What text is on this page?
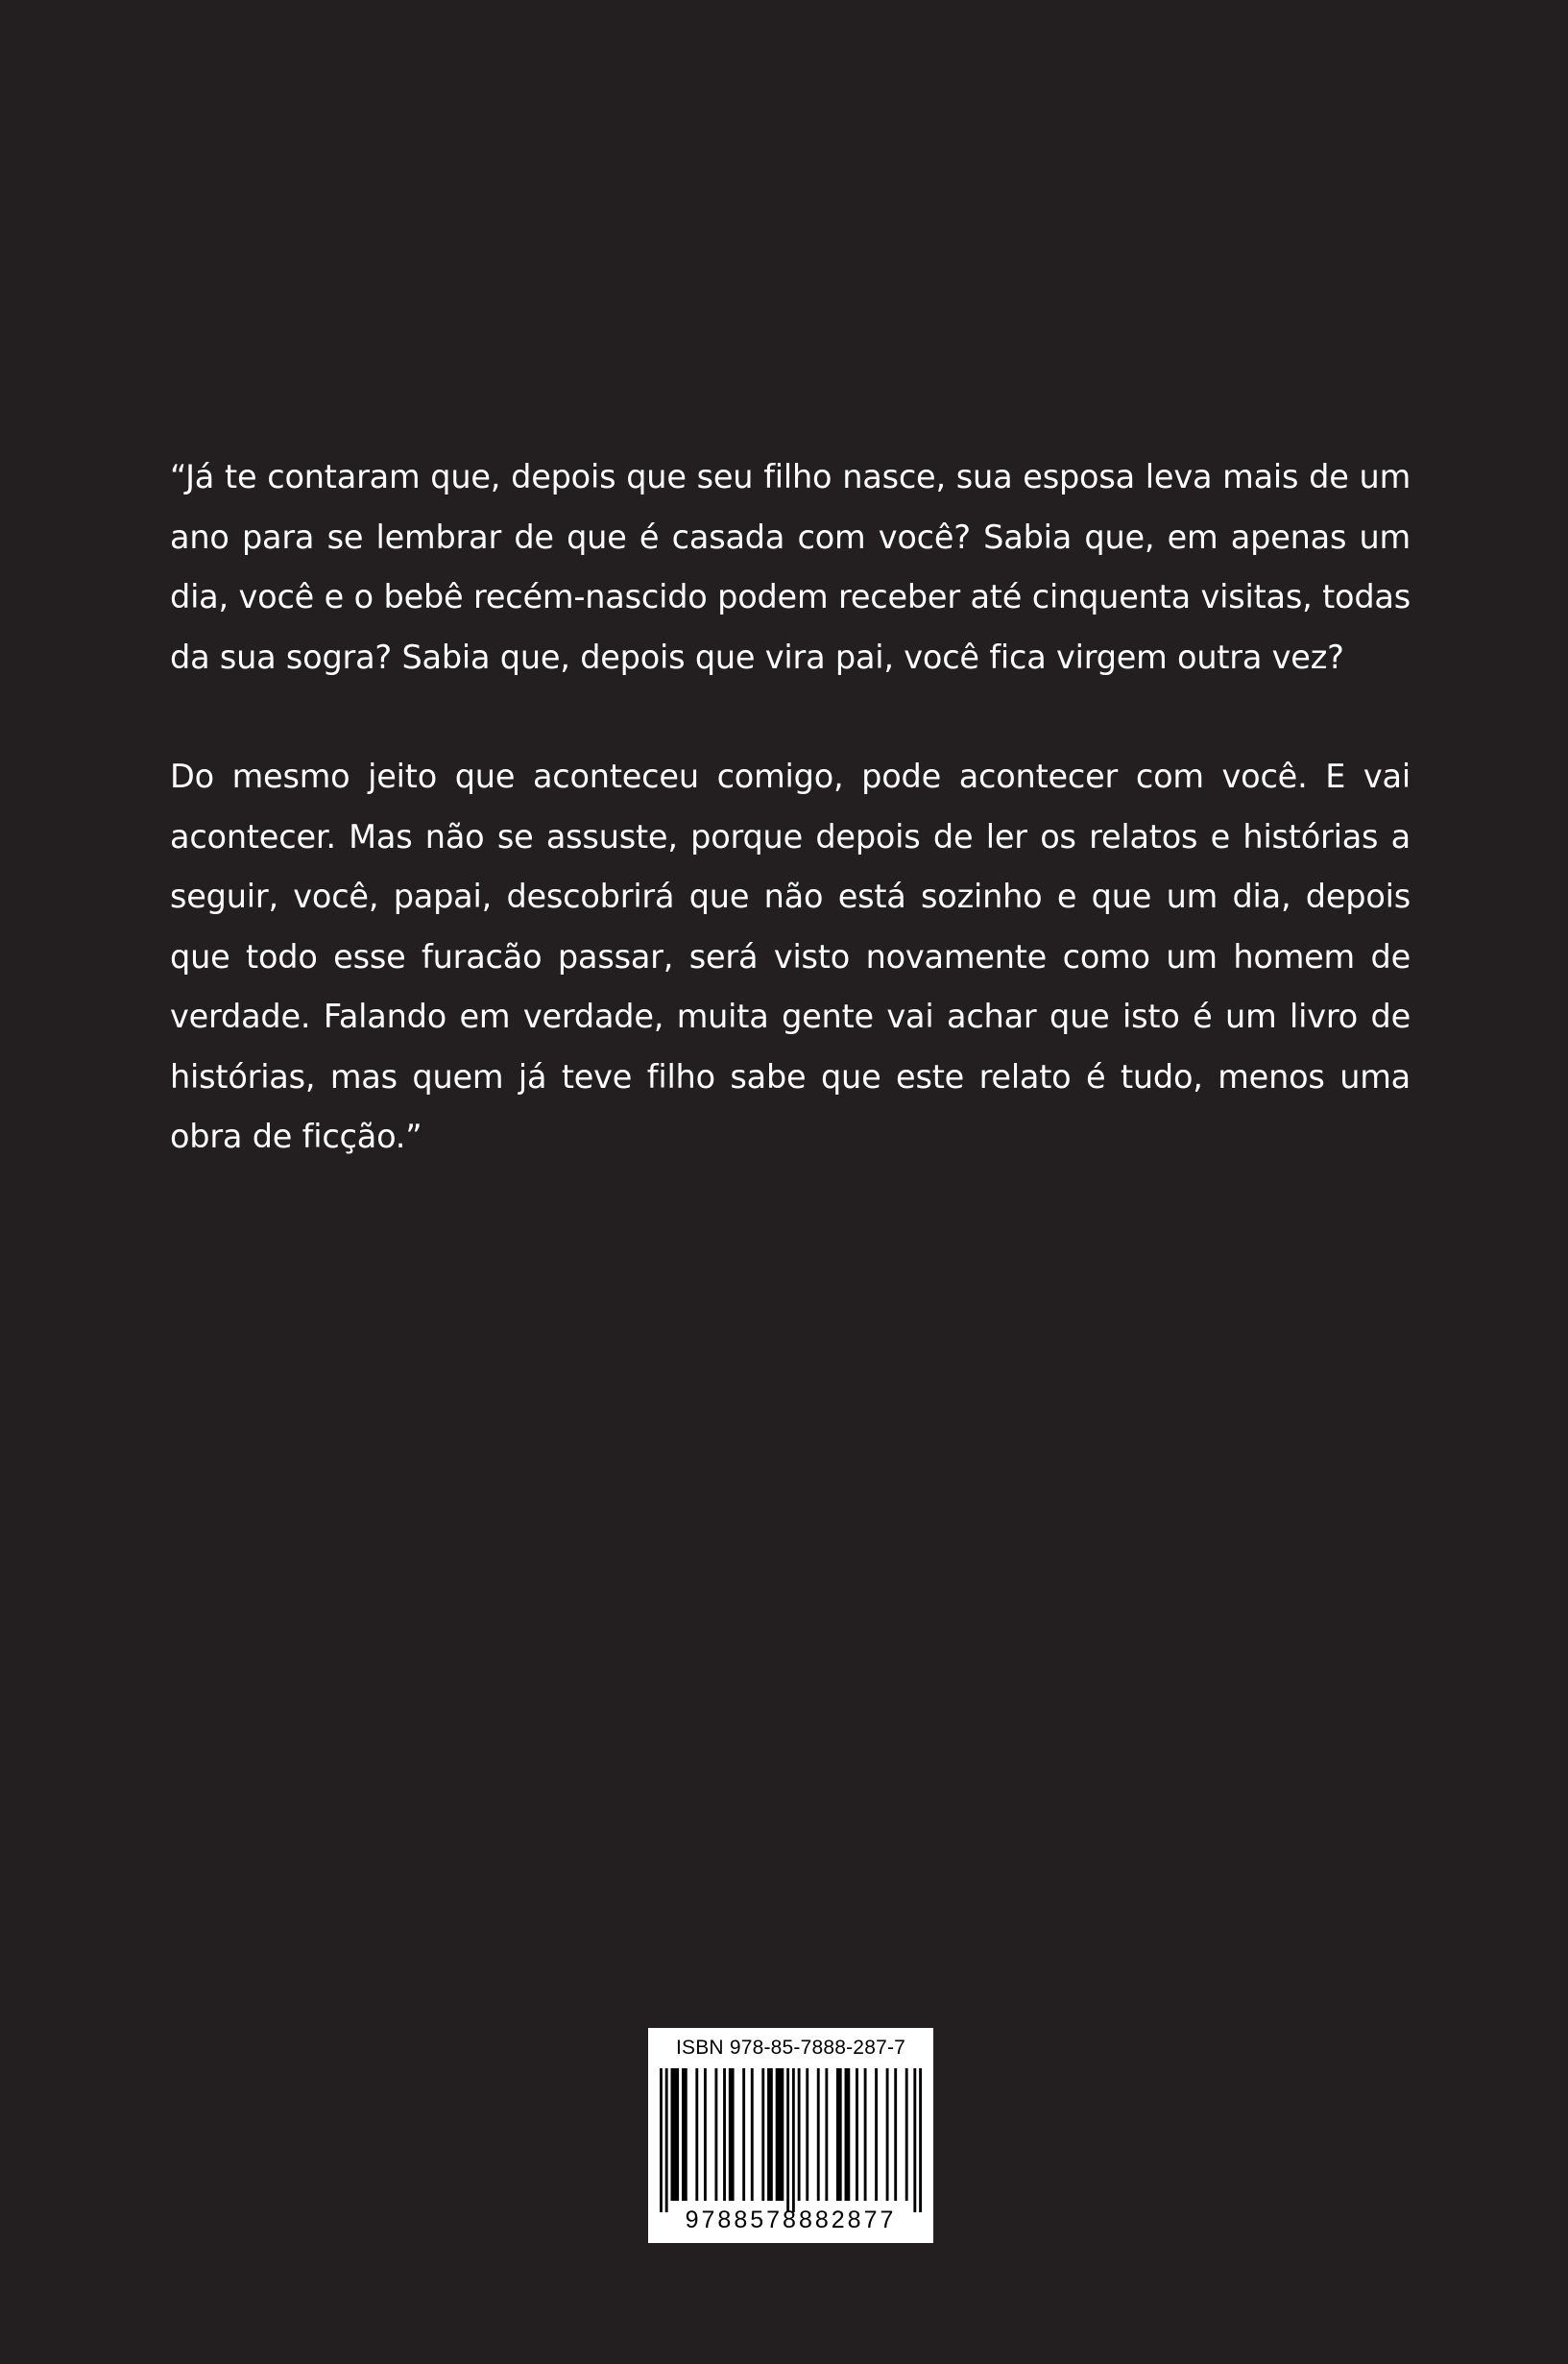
“Já te contaram que, depois que seu filho nasce, sua esposa leva mais de um ano para se lembrar de que é casada com você? Sabia que, em apenas um dia, você e o bebê recém-nascido podem receber até cinquenta visitas, todas da sua sogra? Sabia que, depois que vira pai, você fica virgem outra vez?

Do mesmo jeito que aconteceu comigo, pode acontecer com você. E vai acontecer. Mas não se assuste, porque depois de ler os relatos e histórias a seguir, você, papai, descobrirá que não está sozinho e que um dia, depois que todo esse furacão passar, será visto novamente como um homem de verdade. Falando em verdade, muita gente vai achar que isto é um livro de histórias, mas quem já teve filho sabe que este relato é tudo, menos uma obra de ficção.”

ISBN 978-85-7888-287-7
9788578882877
